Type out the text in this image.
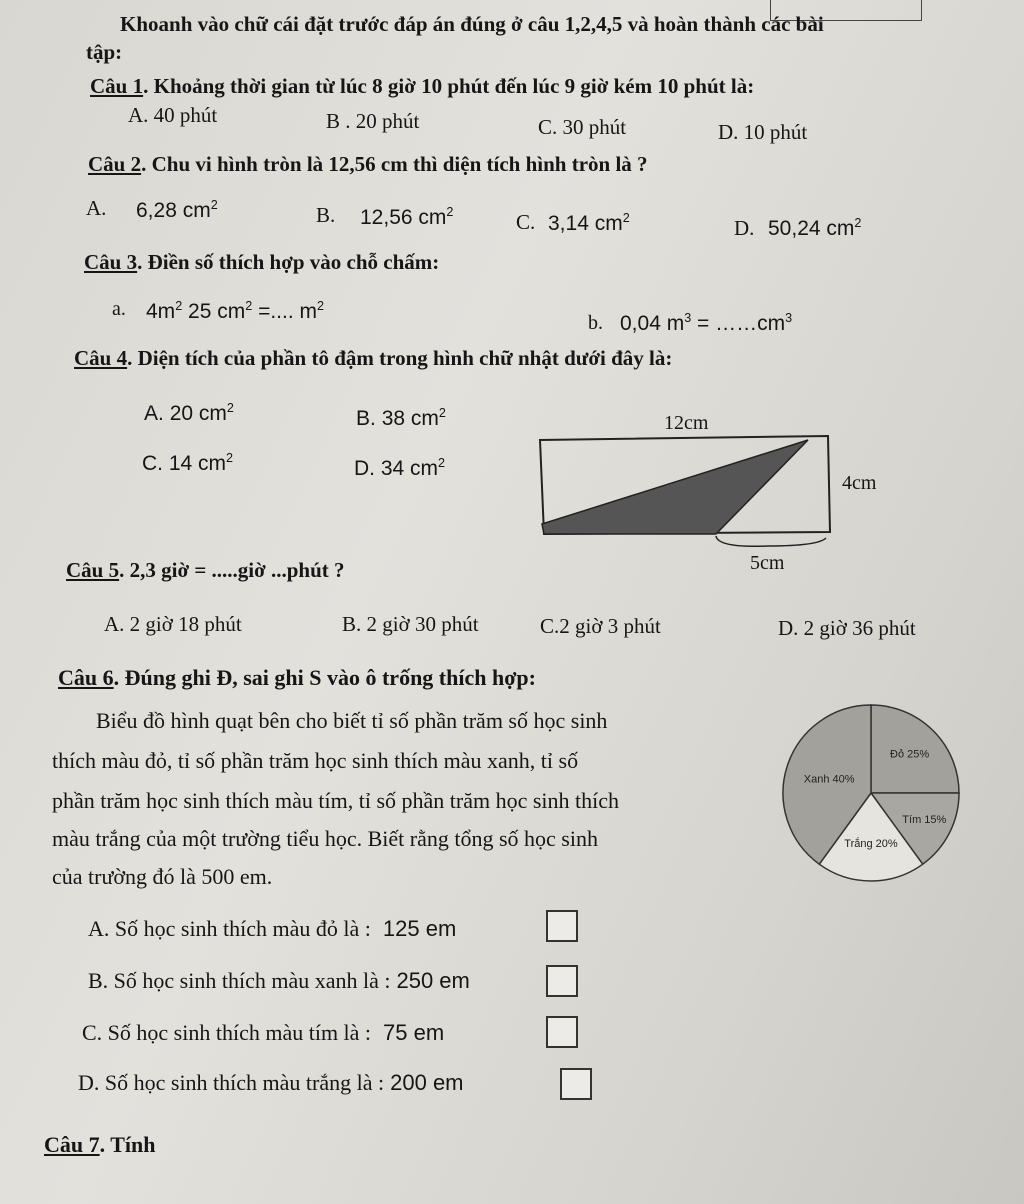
Khoanh vào chữ cái đặt trước đáp án đúng ở câu 1,2,4,5 và hoàn thành các bài
tập:
Câu 1. Khoảng thời gian từ lúc 8 giờ 10 phút đến lúc 9 giờ kém 10 phút là:
A. 40 phút	B . 20 phút	C. 30 phút	D. 10 phút
Câu 2. Chu vi hình tròn là 12,56 cm thì diện tích hình tròn là ?
A. 6,28 $cm^2$	B. 12,56 $cm^2$	C. 3,14 $cm^2$	D. 50,24 $cm^2$
Câu 3. Điền số thích hợp vào chỗ chấm:
a. $4m^2$ 25 $cm^2$ =.... $m^2$
b. 0,04 $m^3$ = $\dots\dots cm^3$
Câu 4. Diện tích của phần tô đậm trong hình chữ nhật dưới đây là:
A. 20 $cm^2$	B. 38 $cm^2$
C. 14 $cm^2$	D. 34 $cm^2$
12cm
4cm
5cm
Câu 5. 2,3 giờ = .....giờ ...phút ?
A. 2 giờ 18 phút	B. 2 giờ 30 phút	C.2 giờ 3 phút	D. 2 giờ 36 phút
Câu 6. Đúng ghi Đ, sai ghi S vào ô trống thích hợp:
Biểu đồ hình quạt bên cho biết tỉ số phần trăm số học sinh
thích màu đỏ, tỉ số phần trăm học sinh thích màu xanh, tỉ số
phần trăm học sinh thích màu tím, tỉ số phần trăm học sinh thích
màu trắng của một trường tiểu học. Biết rằng tổng số học sinh
của trường đó là 500 em.
Đỏ 25%
Tím 15%
Trắng 20%
Xanh 40%
A. Số học sinh thích màu đỏ là : 125 em
B. Số học sinh thích màu xanh là : 250 em
C. Số học sinh thích màu tím là : 75 em
D. Số học sinh thích màu trắng là : 200 em
Câu 7. Tính
